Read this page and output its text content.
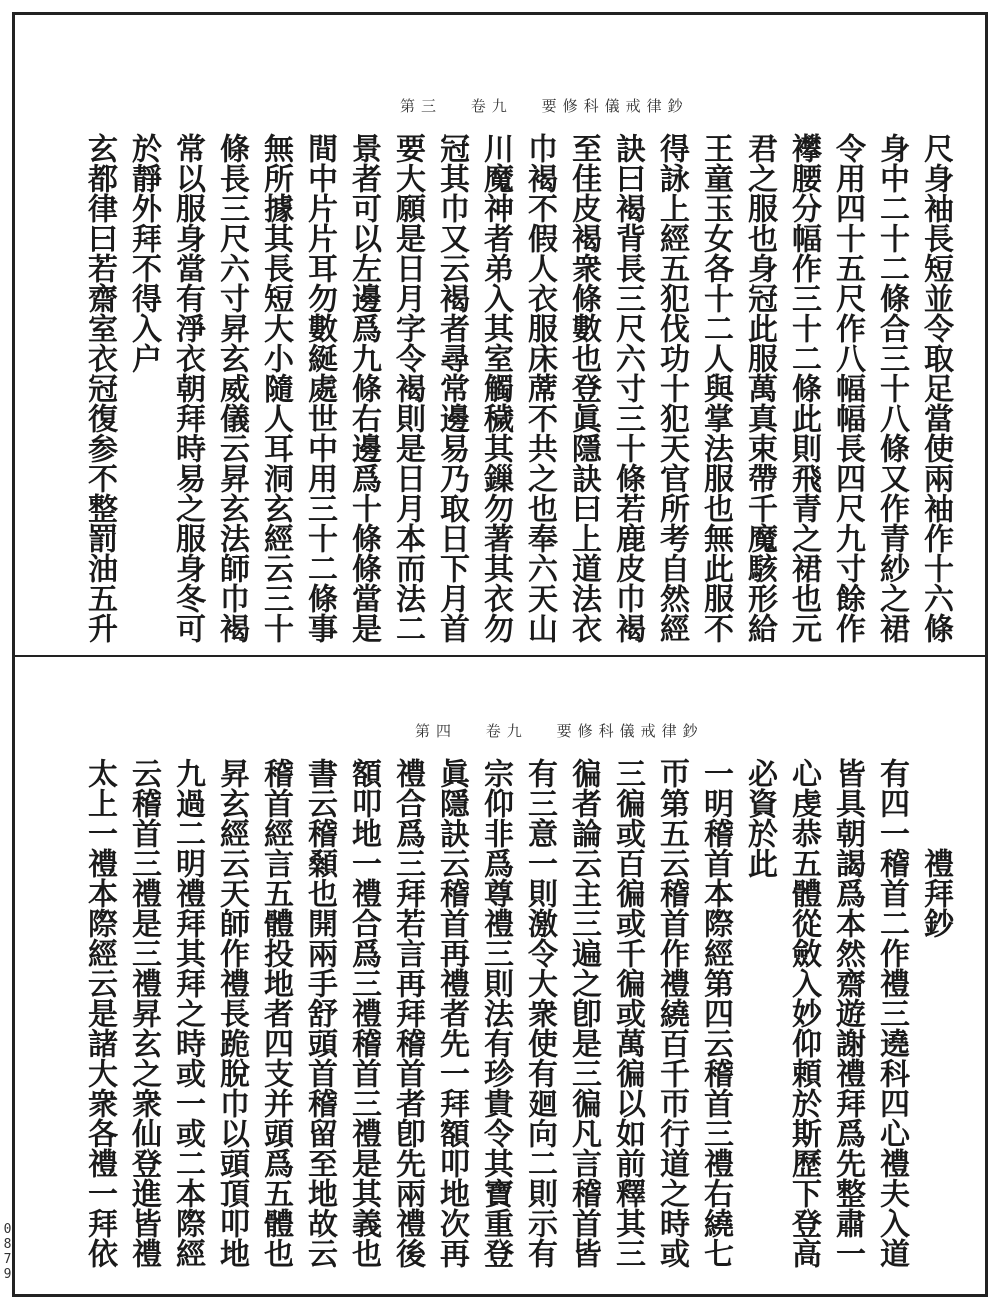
第三 卷九 要修科儀戒律鈔
尺身袖長短並令取足當使兩袖作十六條
身中二十二條合三十八條又作青紗之裙
令用四十五尺作八幅幅長四尺九寸餘作
襻腰分幅作三十二條此則飛青之裙也元
君之服也身冠此服萬真束帶千魔駭形給
王童玉女各十二人與掌法服也無此服不
得詠上經五犯伐功十犯天官所考自然經
訣曰褐背長三尺六寸三十條若鹿皮巾褐
至佳皮褐衆條數也登眞隱訣曰上道法衣
巾褐不假人衣服床蓆不共之也奉六天山
川魔神者弟入其室觸穢其鏁勿著其衣勿
冠其巾又云褐者尋常邊易乃取日下月首
要大願是日月字令褐則是日月本而法二
景者可以左邊爲九條右邊爲十條條當是
間中片片耳勿數綖處世中用三十二條事
無所據其長短大小隨人耳洞玄經云三十
條長三尺六寸昇玄威儀云昇玄法師巾褐
常以服身當有淨衣朝拜時易之服身冬可
於靜外拜不得入户
玄都律曰若齋室衣冠復参不整罰油五升
第四 卷九 要修科儀戒律鈔
禮拜鈔
有四一稽首二作禮三遶科四心禮夫入道
皆具朝謁爲本然齋遊謝禮拜爲先整肅一
心虔恭五體從斂入妙仰頼於斯歷下登高
必資於此
一明稽首本際經第四云稽首三禮右繞七
帀第五云稽首作禮繞百千帀行道之時或
三徧或百徧或千徧或萬徧以如前釋其三
徧者論云主三遍之卽是三徧凡言稽首皆
有三意一則激令大衆使有廻向二則示有
宗仰非爲尊禮三則法有珍貴令其寶重登
眞隱訣云稽首再禮者先一拜額叩地次再
禮合爲三拜若言再拜稽首者卽先兩禮後
額叩地一禮合爲三禮稽首三禮是其義也
書云稽顙也開兩手舒頭首稽留至地故云
稽首經言五體投地者四支并頭爲五體也
昇玄經云天師作禮長跪脫巾以頭頂叩地
九過二明禮拜其拜之時或一或二本際經
云稽首三禮是三禮昇玄之衆仙登進皆禮
太上一禮本際經云是諸大衆各禮一拜依
0879
